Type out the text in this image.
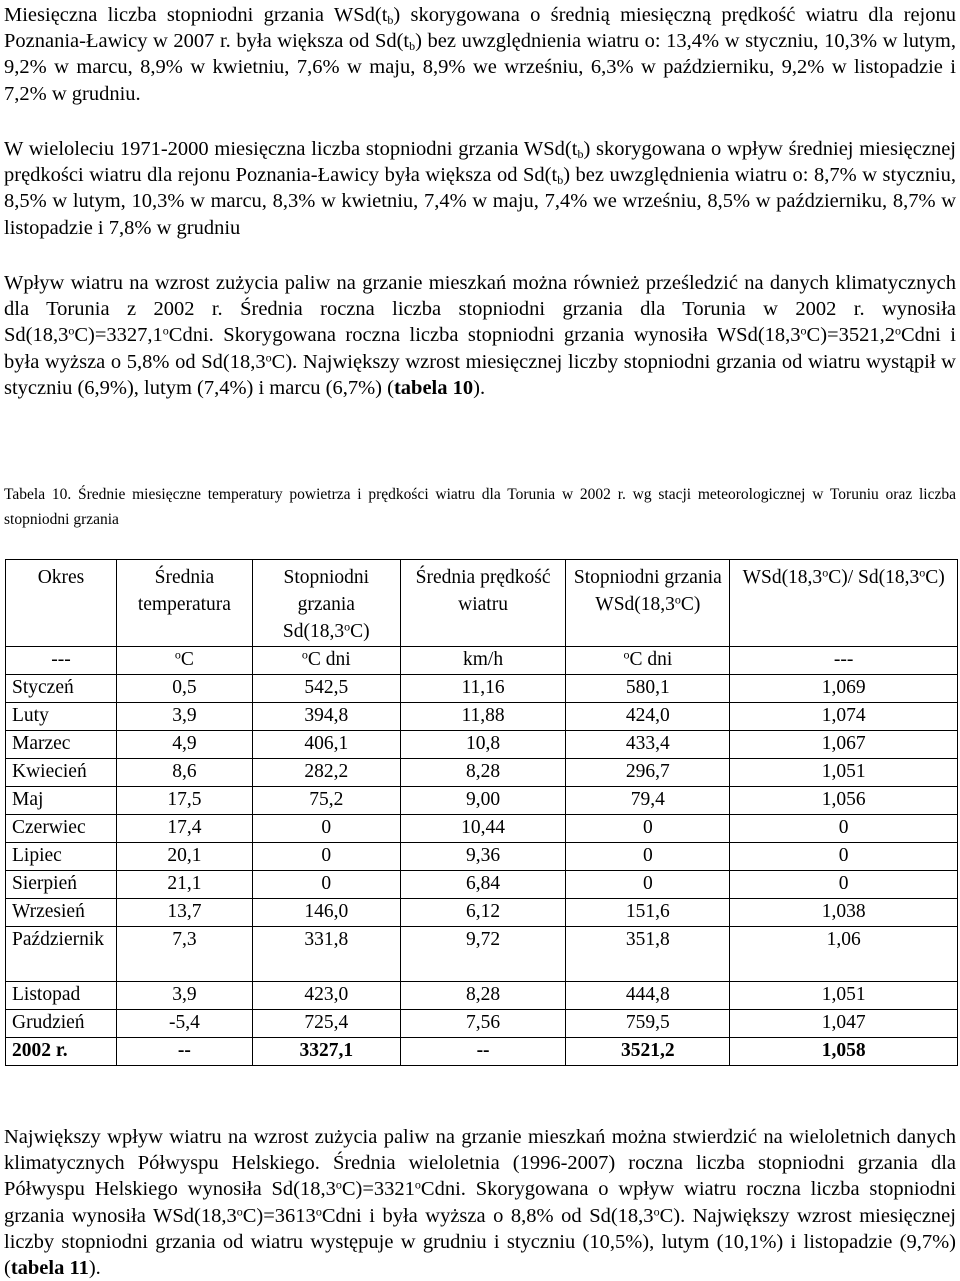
Miesięczna liczba stopniodni grzania $WSd(t_b)$ skorygowana o średnią miesięczną prędkość wiatru dla rejonu Poznania-Ławicy w 2007 r. była większa od $Sd(t_b)$ bez uwzględnienia wiatru o: 13,4% w styczniu, 10,3% w lutym, 9,2% w marcu, 8,9% w kwietniu, 7,6% w maju, 8,9% we wrześniu, 6,3% w październiku, 9,2% w listopadzie i 7,2% w grudniu.

W wieloleciu 1971-2000 miesięczna liczba stopniodni grzania $WSd(t_b)$ skorygowana o wpływ średniej miesięcznej prędkości wiatru dla rejonu Poznania-Ławicy była większa od $Sd(t_b)$ bez uwzględnienia wiatru o: 8,7% w styczniu, 8,5% w lutym, 10,3% w marcu, 8,3% w kwietniu, 7,4% w maju, 7,4% we wrześniu, 8,5% w październiku, 8,7% w listopadzie i 7,8% w grudniu

Wpływ wiatru na wzrost zużycia paliw na grzanie mieszkań można również prześledzić na danych klimatycznych dla Torunia z 2002 r. Średnia roczna liczba stopniodni grzania dla Torunia w 2002 r. wynosiła $Sd(18,3^oC)=3327,1^oCdni$. Skorygowana roczna liczba stopniodni grzania wynosiła $WSd(18,3^oC)=3521,2^oCdni$ i była wyższa o 5,8% od Sd(18,3$^o$C). Największy wzrost miesięcznej liczby stopniodni grzania od wiatru wystąpił w styczniu (6,9%), lutym (7,4%) i marcu (6,7%) (tabela 10).

Tabela 10. Średnie miesięczne temperatury powietrza i prędkości wiatru dla Torunia w 2002 r. wg stacji meteorologicznej w Toruniu oraz liczba stopniodni grzania

Okres	Średnia temperatura	Stopniodni grzania Sd(18,3$^o$C)	Średnia prędkość wiatru	Stopniodni grzania WSd(18,3$^o$C)	WSd(18,3$^o$C)/ Sd(18,3$^o$C)
---	$^o$C	$^o$C dni	km/h	$^o$C dni	---
Styczeń	0,5	542,5	11,16	580,1	1,069
Luty	3,9	394,8	11,88	424,0	1,074
Marzec	4,9	406,1	10,8	433,4	1,067
Kwiecień	8,6	282,2	8,28	296,7	1,051
Maj	17,5	75,2	9,00	79,4	1,056
Czerwiec	17,4	0	10,44	0	0
Lipiec	20,1	0	9,36	0	0
Sierpień	21,1	0	6,84	0	0
Wrzesień	13,7	146,0	6,12	151,6	1,038
Październik	7,3	331,8	9,72	351,8	1,06
Listopad	3,9	423,0	8,28	444,8	1,051
Grudzień	-5,4	725,4	7,56	759,5	1,047
2002 r.	--	3327,1	--	3521,2	1,058

Największy wpływ wiatru na wzrost zużycia paliw na grzanie mieszkań można stwierdzić na wieloletnich danych klimatycznych Półwyspu Helskiego. Średnia wieloletnia (1996-2007) roczna liczba stopniodni grzania dla Półwyspu Helskiego wynosiła $Sd(18,3^oC)=3321^oCdni$. Skorygowana o wpływ wiatru roczna liczba stopniodni grzania wynosiła $WSd(18,3^oC)=3613^oCdni$ i była wyższa o 8,8% od Sd(18,3$^o$C). Największy wzrost miesięcznej liczby stopniodni grzania od wiatru występuje w grudniu i styczniu (10,5%), lutym (10,1%) i listopadzie (9,7%) (tabela 11).
